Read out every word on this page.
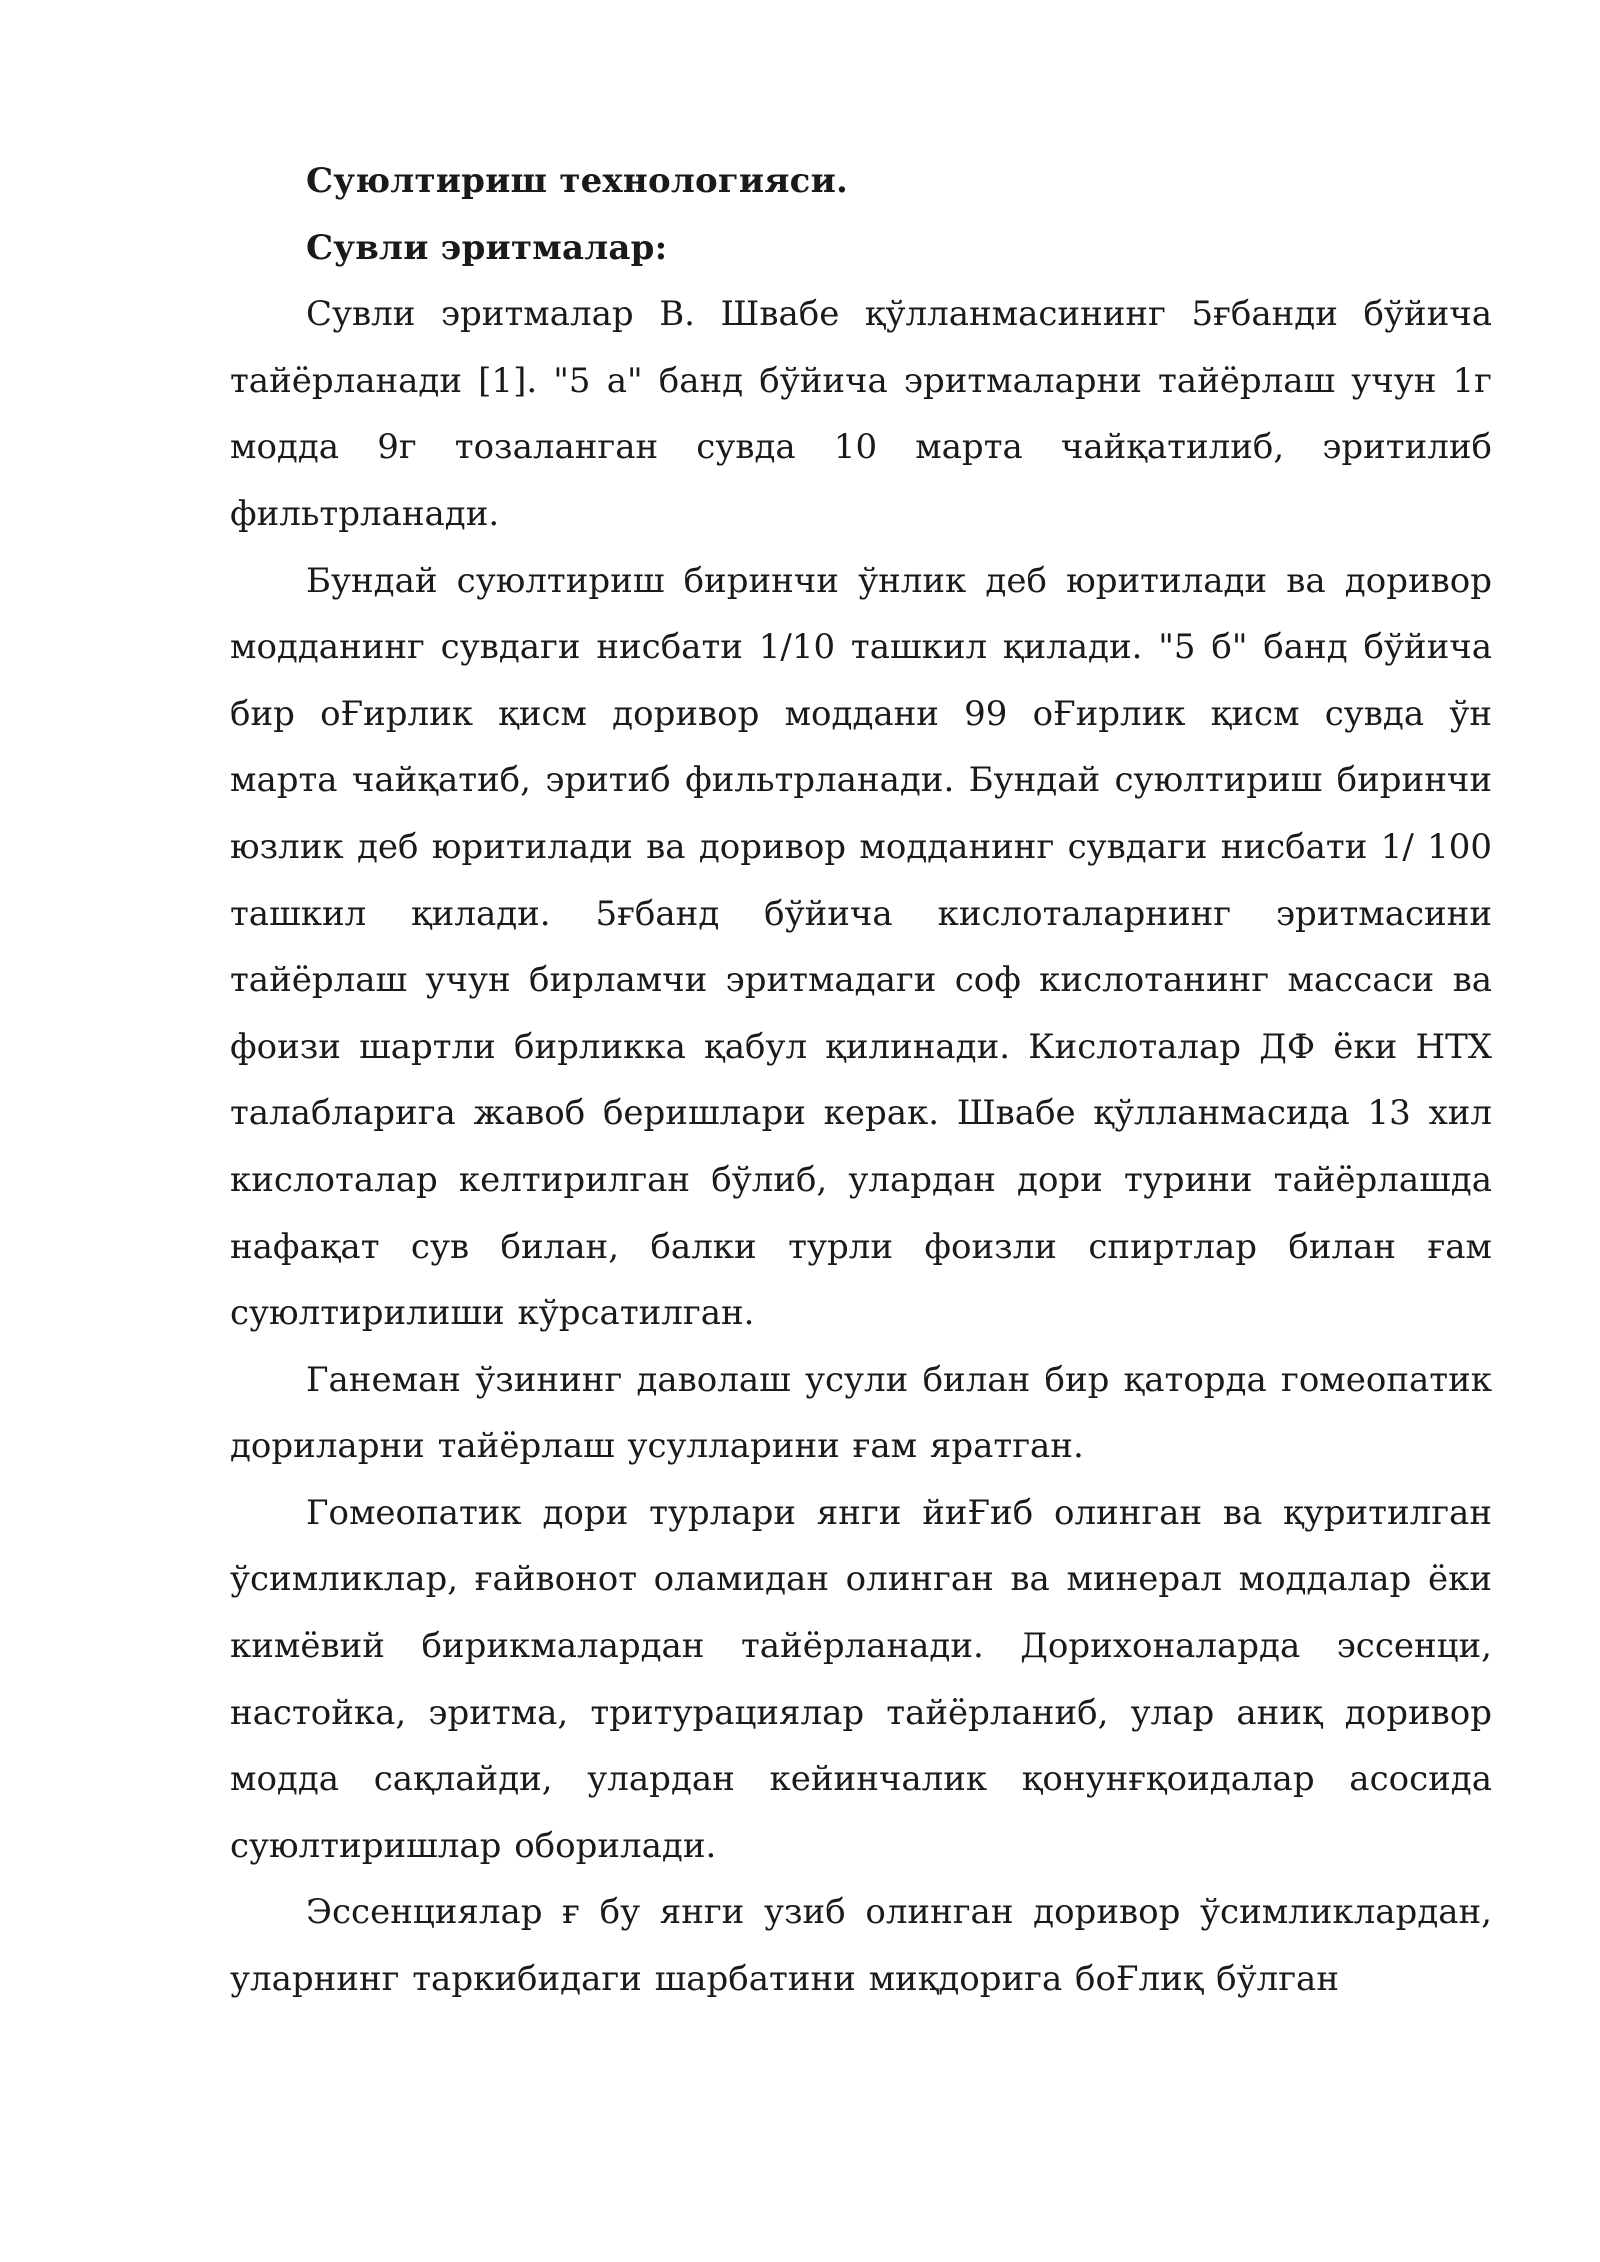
Суюлтириш технологияси.

Сувли эритмалар:

Сувли эритмалар В. Швабе қўлланмасининг 5ғбанди бўйича тайёрланади [1]. "5 а" банд бўйича эритмаларни тайёрлаш учун 1г модда 9г тозаланган сувда 10 марта чайқатилиб, эритилиб фильтрланади.

Бундай суюлтириш биринчи ўнлик деб юритилади ва доривор модданинг сувдаги нисбати 1/10 ташкил қилади. "5 б" банд бўйича бир оҒирлик қисм доривор моддани 99 оҒирлик қисм сувда ўн марта чайқатиб, эритиб фильтрланади. Бундай суюлтириш биринчи юзлик деб юритилади ва доривор модданинг сувдаги нисбати 1/ 100 ташкил қилади. 5ғбанд бўйича кислоталарнинг эритмасини тайёрлаш учун бирламчи эритмадаги соф кислотанинг массаси ва фоизи шартли бирликка қабул қилинади. Кислоталар ДФ ёки НТХ талабларига жавоб беришлари керак. Швабе қўлланмасида 13 хил кислоталар келтирилган бўлиб, улардан дори турини тайёрлашда нафақат сув билан, балки турли фоизли спиртлар билан ғам суюлтирилиши кўрсатилган.

Ганеман ўзининг даволаш усули билан бир қаторда гомеопатик дориларни тайёрлаш усулларини ғам яратган.

Гомеопатик дори турлари янги йиҒиб олинган ва қуритилган ўсимликлар, ғайвонот оламидан олинган ва минерал моддалар ёки кимёвий бирикмалардан тайёрланади. Дорихоналарда эссенци, настойка, эритма, тритурациялар тайёрланиб, улар аниқ доривор модда сақлайди, улардан кейинчалик қонунғқоидалар асосида суюлтиришлар оборилади.

Эссенциялар ғ бу янги узиб олинган доривор ўсимликлардан, уларнинг таркибидаги шарбатини миқдорига боҒлиқ бўлган
